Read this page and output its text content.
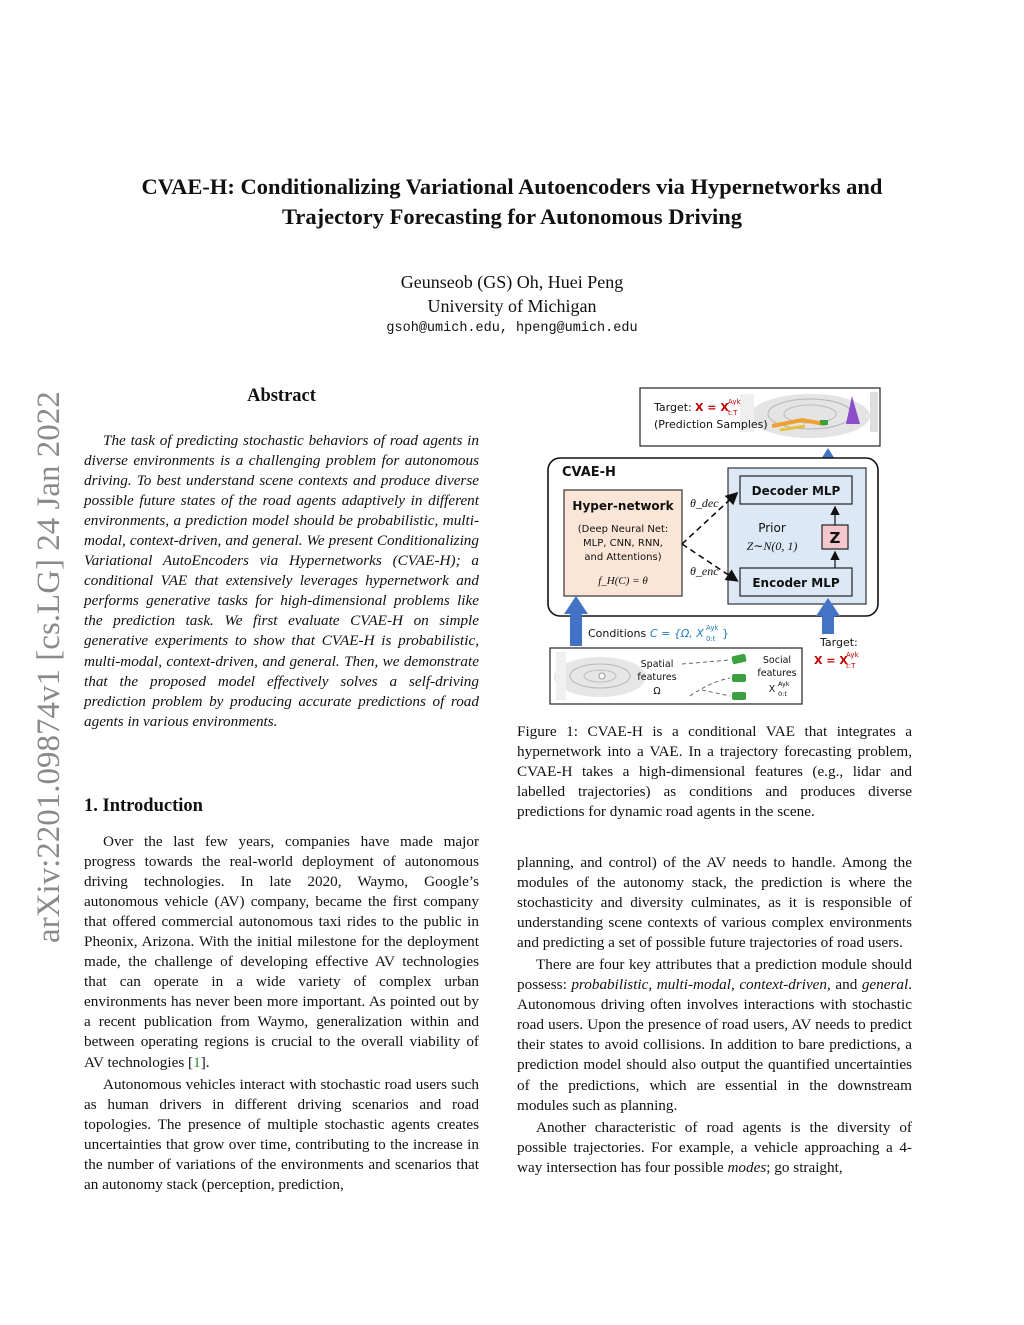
arXiv:2201.09874v1 [cs.LG] 24 Jan 2022
CVAE-H: Conditionalizing Variational Autoencoders via Hypernetworks and
Trajectory Forecasting for Autonomous Driving
Geunseob (GS) Oh, Huei Peng
University of Michigan
gsoh@umich.edu, hpeng@umich.edu
Abstract

The task of predicting stochastic behaviors of road agents in diverse environments is a challenging problem for autonomous driving. To best understand scene contexts and produce diverse possible future states of the road agents adaptively in different environments, a prediction model should be probabilistic, multi-modal, context-driven, and general. We present Conditionalizing Variational AutoEncoders via Hypernetworks (CVAE-H); a conditional VAE that extensively leverages hypernetwork and performs generative tasks for high-dimensional problems like the prediction task. We first evaluate CVAE-H on simple generative experiments to show that CVAE-H is probabilistic, multi-modal, context-driven, and general. Then, we demonstrate that the proposed model effectively solves a self-driving prediction problem by producing accurate predictions of road agents in various environments.

1. Introduction

Over the last few years, companies have made major progress towards the real-world deployment of autonomous driving technologies. In late 2020, Waymo, Google’s autonomous vehicle (AV) company, became the first company that offered commercial autonomous taxi rides to the public in Pheonix, Arizona. With the initial milestone for the deployment made, the challenge of developing effective AV technologies that can operate in a wide variety of complex urban environments has never been more important. As pointed out by a recent publication from Waymo, generalization within and between operating regions is crucial to the overall viability of AV technologies [1].

Autonomous vehicles interact with stochastic road users such as human drivers in different driving scenarios and road topologies. The presence of multiple stochastic agents creates uncertainties that grow over time, contributing to the increase in the number of variations of the environments and scenarios that an autonomy stack (perception, prediction,

Target: X = X Ayk
t:T
(Prediction Samples)
CVAE-H
Hyper-network
(Deep Neural Net:
MLP, CNN, RNN,
and Attentions)
f_H(C) = θ
Decoder MLP
Encoder MLP
Prior
Z∼N(0, 1) Z
θ_dec
θ_enc
Conditions C = {Ω, X Ayk
0:t }
Target:
X = X
Ayk
t:T
Spatial
features
Ω
Social
features
X Ayk
0:t

Figure 1: CVAE-H is a conditional VAE that integrates a hypernetwork into a VAE. In a trajectory forecasting problem, CVAE-H takes a high-dimensional features (e.g., lidar and labelled trajectories) as conditions and produces diverse predictions for dynamic road agents in the scene.

planning, and control) of the AV needs to handle. Among the modules of the autonomy stack, the prediction is where the stochasticity and diversity culminates, as it is responsible of understanding scene contexts of various complex environments and predicting a set of possible future trajectories of road users.

There are four key attributes that a prediction module should possess: probabilistic, multi-modal, context-driven, and general. Autonomous driving often involves interactions with stochastic road users. Upon the presence of road users, AV needs to predict their states to avoid collisions. In addition to bare predictions, a prediction model should also output the quantified uncertainties of the predictions, which are essential in the downstream modules such as planning.

Another characteristic of road agents is the diversity of possible trajectories. For example, a vehicle approaching a 4-way intersection has four possible modes; go straight,
